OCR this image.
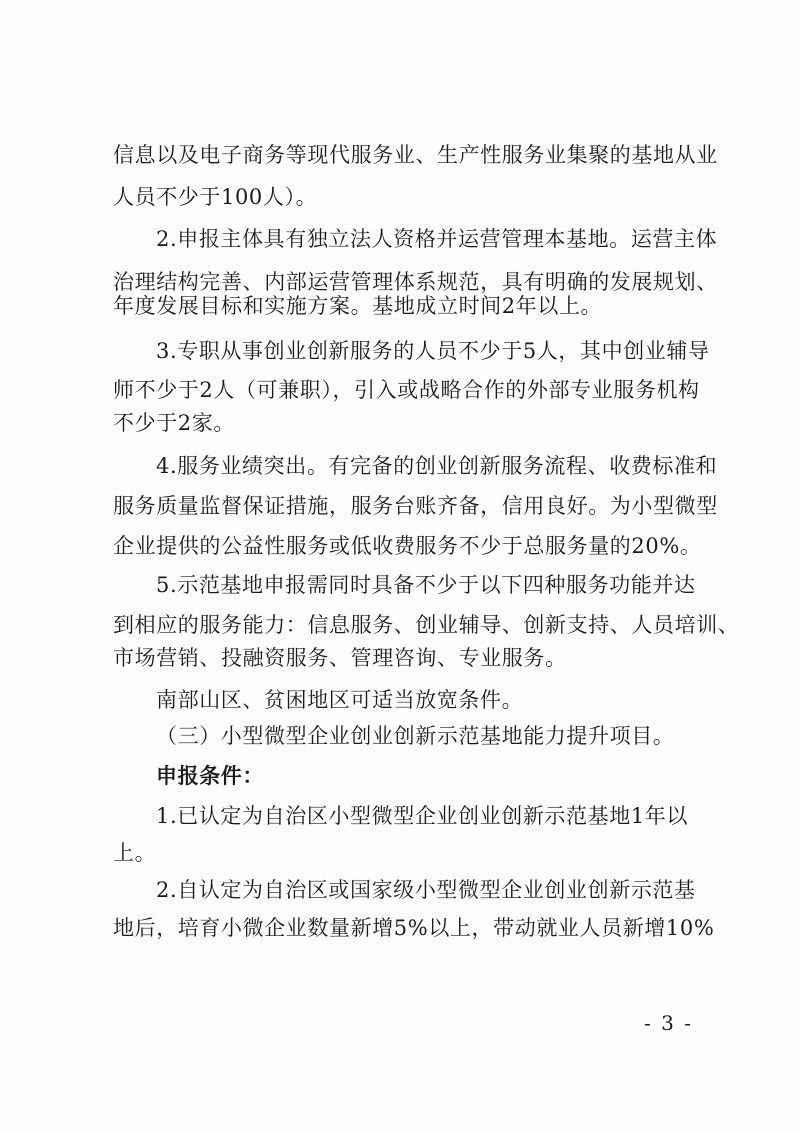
信息以及电子商务等现代服务业、生产性服务业集聚的基地从业
人员不少于100人）。
2.申报主体具有独立法人资格并运营管理本基地。运营主体
治理结构完善、内部运营管理体系规范，具有明确的发展规划、
年度发展目标和实施方案。基地成立时间2年以上。
3.专职从事创业创新服务的人员不少于5人，其中创业辅导
师不少于2人（可兼职），引入或战略合作的外部专业服务机构
不少于2家。
4.服务业绩突出。有完备的创业创新服务流程、收费标准和
服务质量监督保证措施，服务台账齐备，信用良好。为小型微型
企业提供的公益性服务或低收费服务不少于总服务量的20%。
5.示范基地申报需同时具备不少于以下四种服务功能并达
到相应的服务能力：信息服务、创业辅导、创新支持、人员培训、
市场营销、投融资服务、管理咨询、专业服务。
南部山区、贫困地区可适当放宽条件。
（三）小型微型企业创业创新示范基地能力提升项目。
申报条件：
1.已认定为自治区小型微型企业创业创新示范基地1年以
上。
2.自认定为自治区或国家级小型微型企业创业创新示范基
地后，培育小微企业数量新增5%以上，带动就业人员新增10%
- 3 -
